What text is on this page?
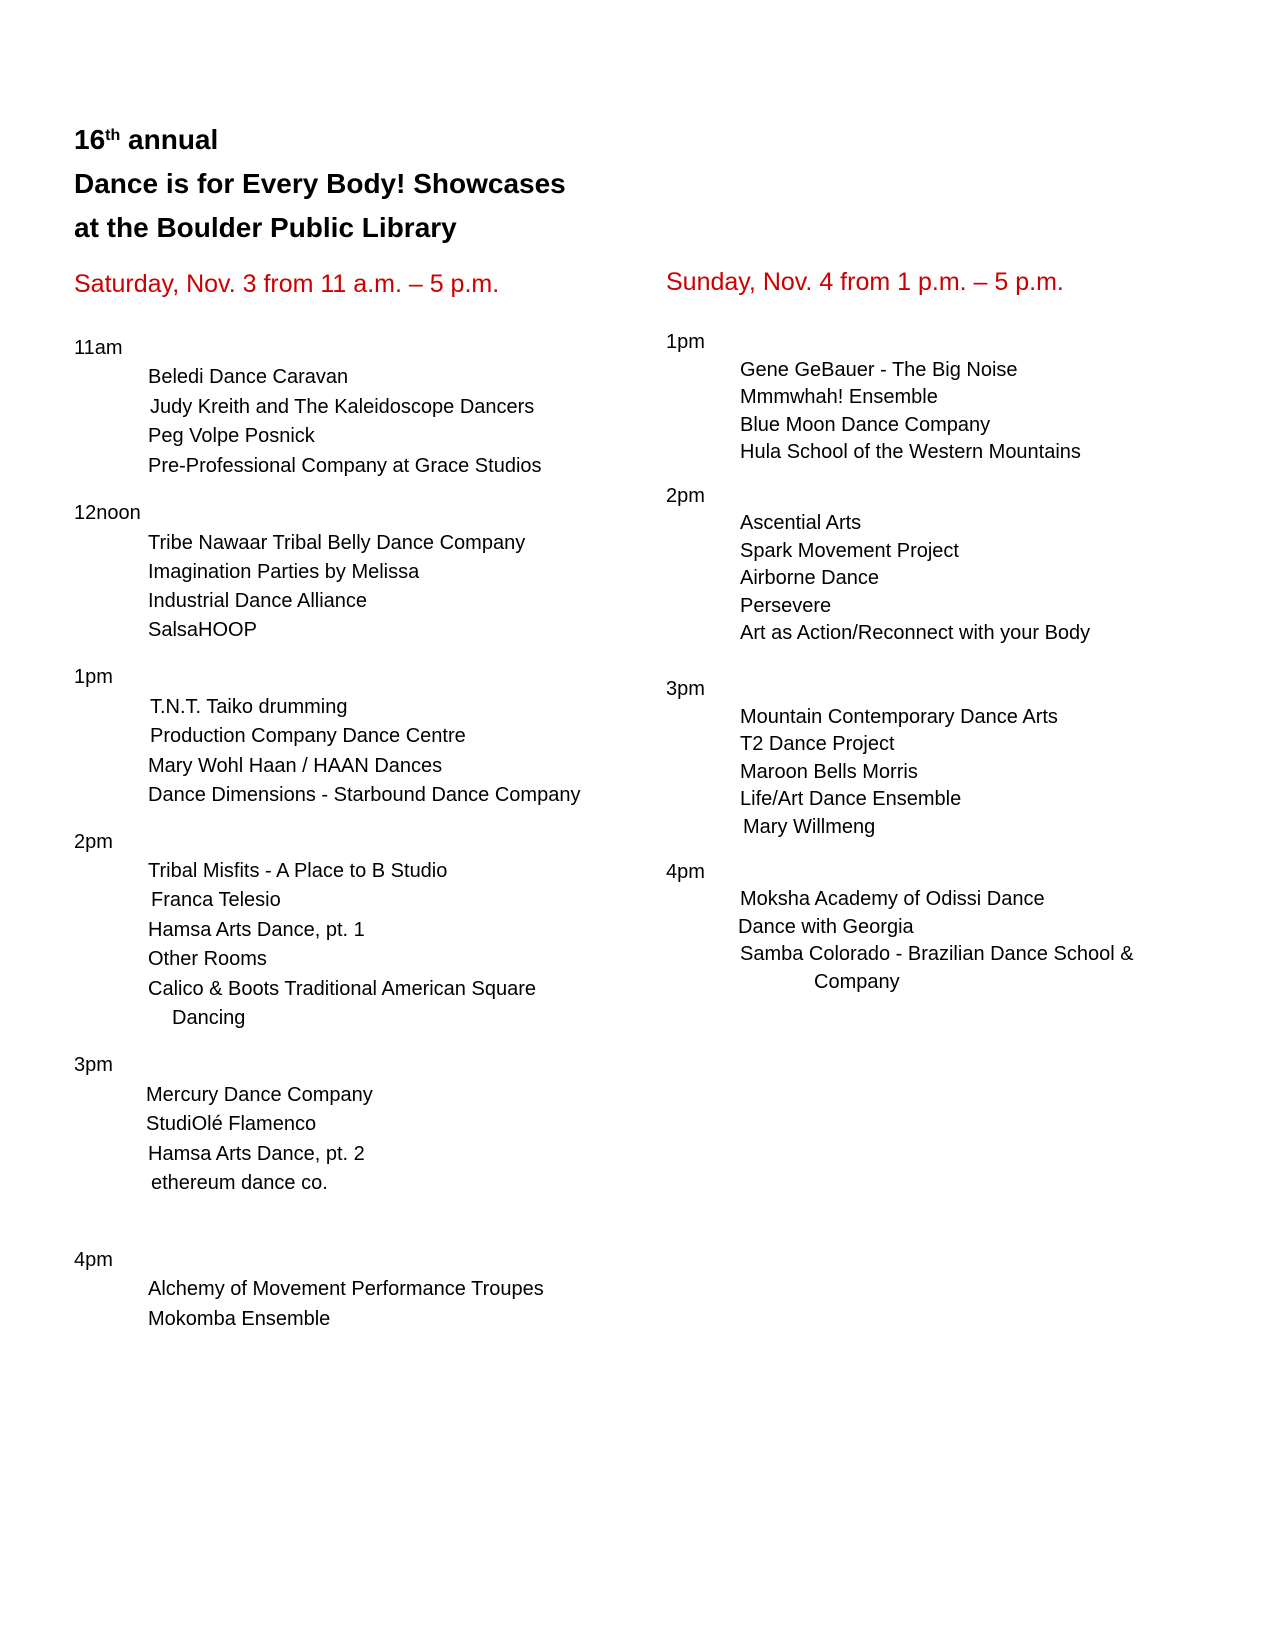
16th annual
Dance is for Every Body! Showcases
at the Boulder Public Library
Saturday, Nov. 3 from 11 a.m. – 5 p.m.	Sunday, Nov. 4 from 1 p.m. – 5 p.m.
11am
Beledi Dance Caravan
Judy Kreith and The Kaleidoscope Dancers
Peg Volpe Posnick
Pre-Professional Company at Grace Studios
12noon
Tribe Nawaar Tribal Belly Dance Company
Imagination Parties by Melissa
Industrial Dance Alliance
SalsaHOOP
1pm
T.N.T. Taiko drumming
Production Company Dance Centre
Mary Wohl Haan / HAAN Dances
Dance Dimensions - Starbound Dance Company
2pm
Tribal Misfits - A Place to B Studio
Franca Telesio
Hamsa Arts Dance, pt. 1
Other Rooms
Calico & Boots Traditional American Square
Dancing
3pm
Mercury Dance Company
StudiOlé Flamenco
Hamsa Arts Dance, pt. 2
ethereum dance co.
4pm
Alchemy of Movement Performance Troupes
Mokomba Ensemble
1pm
Gene GeBauer - The Big Noise
Mmmwhah! Ensemble
Blue Moon Dance Company
Hula School of the Western Mountains
2pm
Ascential Arts
Spark Movement Project
Airborne Dance
Persevere
Art as Action/Reconnect with your Body
3pm
Mountain Contemporary Dance Arts
T2 Dance Project
Maroon Bells Morris
Life/Art Dance Ensemble
Mary Willmeng
4pm
Moksha Academy of Odissi Dance
Dance with Georgia
Samba Colorado - Brazilian Dance School &
Company
